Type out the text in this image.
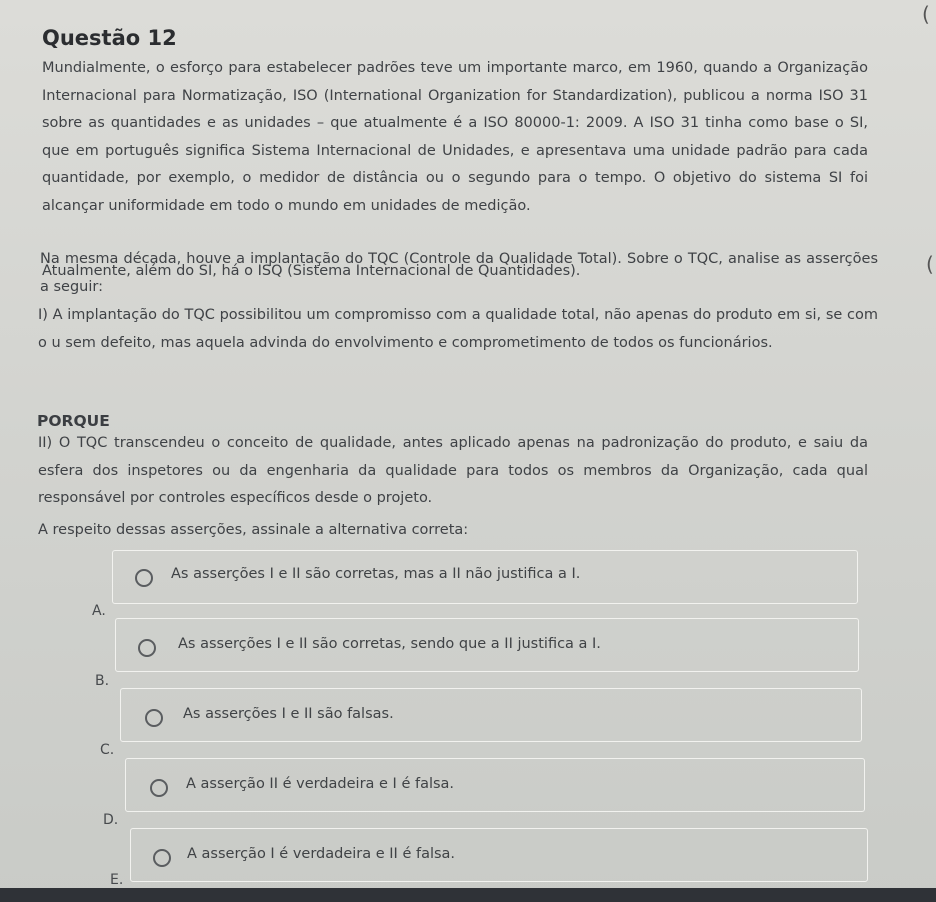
(
(
Questão 12
Mundialmente, o esforço para estabelecer padrões teve um importante marco, em 1960, quando a Organização Internacional para Normatização, ISO (International Organization for Standardization), publicou a norma ISO 31 sobre as quantidades e as unidades – que atualmente é a ISO 80000-1: 2009. A ISO 31 tinha como base o SI, que em português significa Sistema Internacional de Unidades, e apresentava uma unidade padrão para cada quantidade, por exemplo, o medidor de distância ou o segundo para o tempo. O objetivo do sistema SI foi alcançar uniformidade em todo o mundo em unidades de medição.
Atualmente, além do SI, há o ISQ (Sistema Internacional de Quantidades).
Na mesma década, houve a implantação do TQC (Controle da Qualidade Total). Sobre o TQC, analise as asserções a seguir:
I) A implantação do TQC possibilitou um compromisso com a qualidade total, não apenas do produto em si, se com o u sem defeito, mas aquela advinda do envolvimento e comprometimento de todos os funcionários.
PORQUE
II) O TQC transcendeu o conceito de qualidade, antes aplicado apenas na padronização do produto, e saiu da esfera dos inspetores ou da engenharia da qualidade para todos os membros da Organização, cada qual responsável por controles específicos desde o projeto.
A respeito dessas asserções, assinale a alternativa correta:
As asserções I e II são corretas, mas a II não justifica a I.
A.
As asserções I e II são corretas, sendo que a II justifica a I.
B.
As asserções I e II são falsas.
C.
A asserção II é verdadeira e I é falsa.
D.
A asserção I é verdadeira e II é falsa.
E.
